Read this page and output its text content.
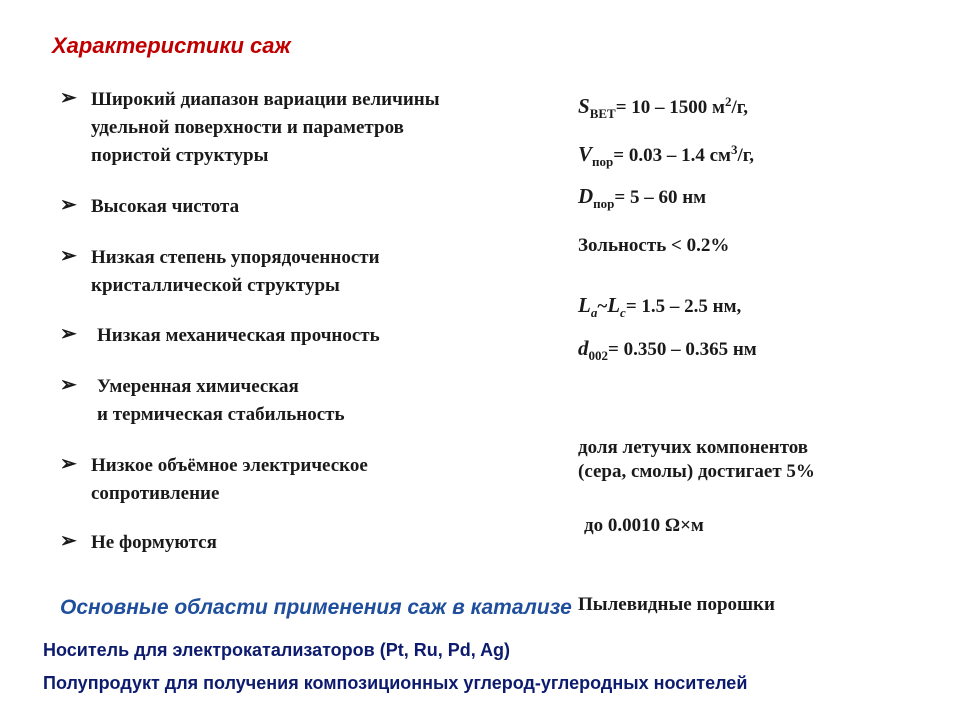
Характеристики саж
➢ Широкий диапазон вариации величины
удельной поверхности и параметров
пористой структуры
➢ Высокая чистота
➢ Низкая степень упорядоченности
кристаллической структуры
➢	Низкая механическая прочность
➢	Умеренная химическая
и термическая стабильность
➢ Низкое объёмное электрическое
сопротивление
➢ Не формуются
$S_{BET}= 10 - 1500$ $м^2/г$,
$V_{пор}= 0.03 - 1.4$ $см^3/г$,
$D_{пор}= 5 - 60$ нм
Зольность < 0.2%
$L_a\sim L_c= 1.5 - 2.5$ нм,
$d_{002}= 0.350 - 0.365$ нм
доля летучих компонентов
(сера, смолы) достигает 5%
до 0.0010 Ω×м
Пылевидные порошки
Основные области применения саж в катализе
Носитель для электрокатализаторов (Pt, Ru, Pd, Ag)
Полупродукт для получения композиционных углерод-углеродных носителей
